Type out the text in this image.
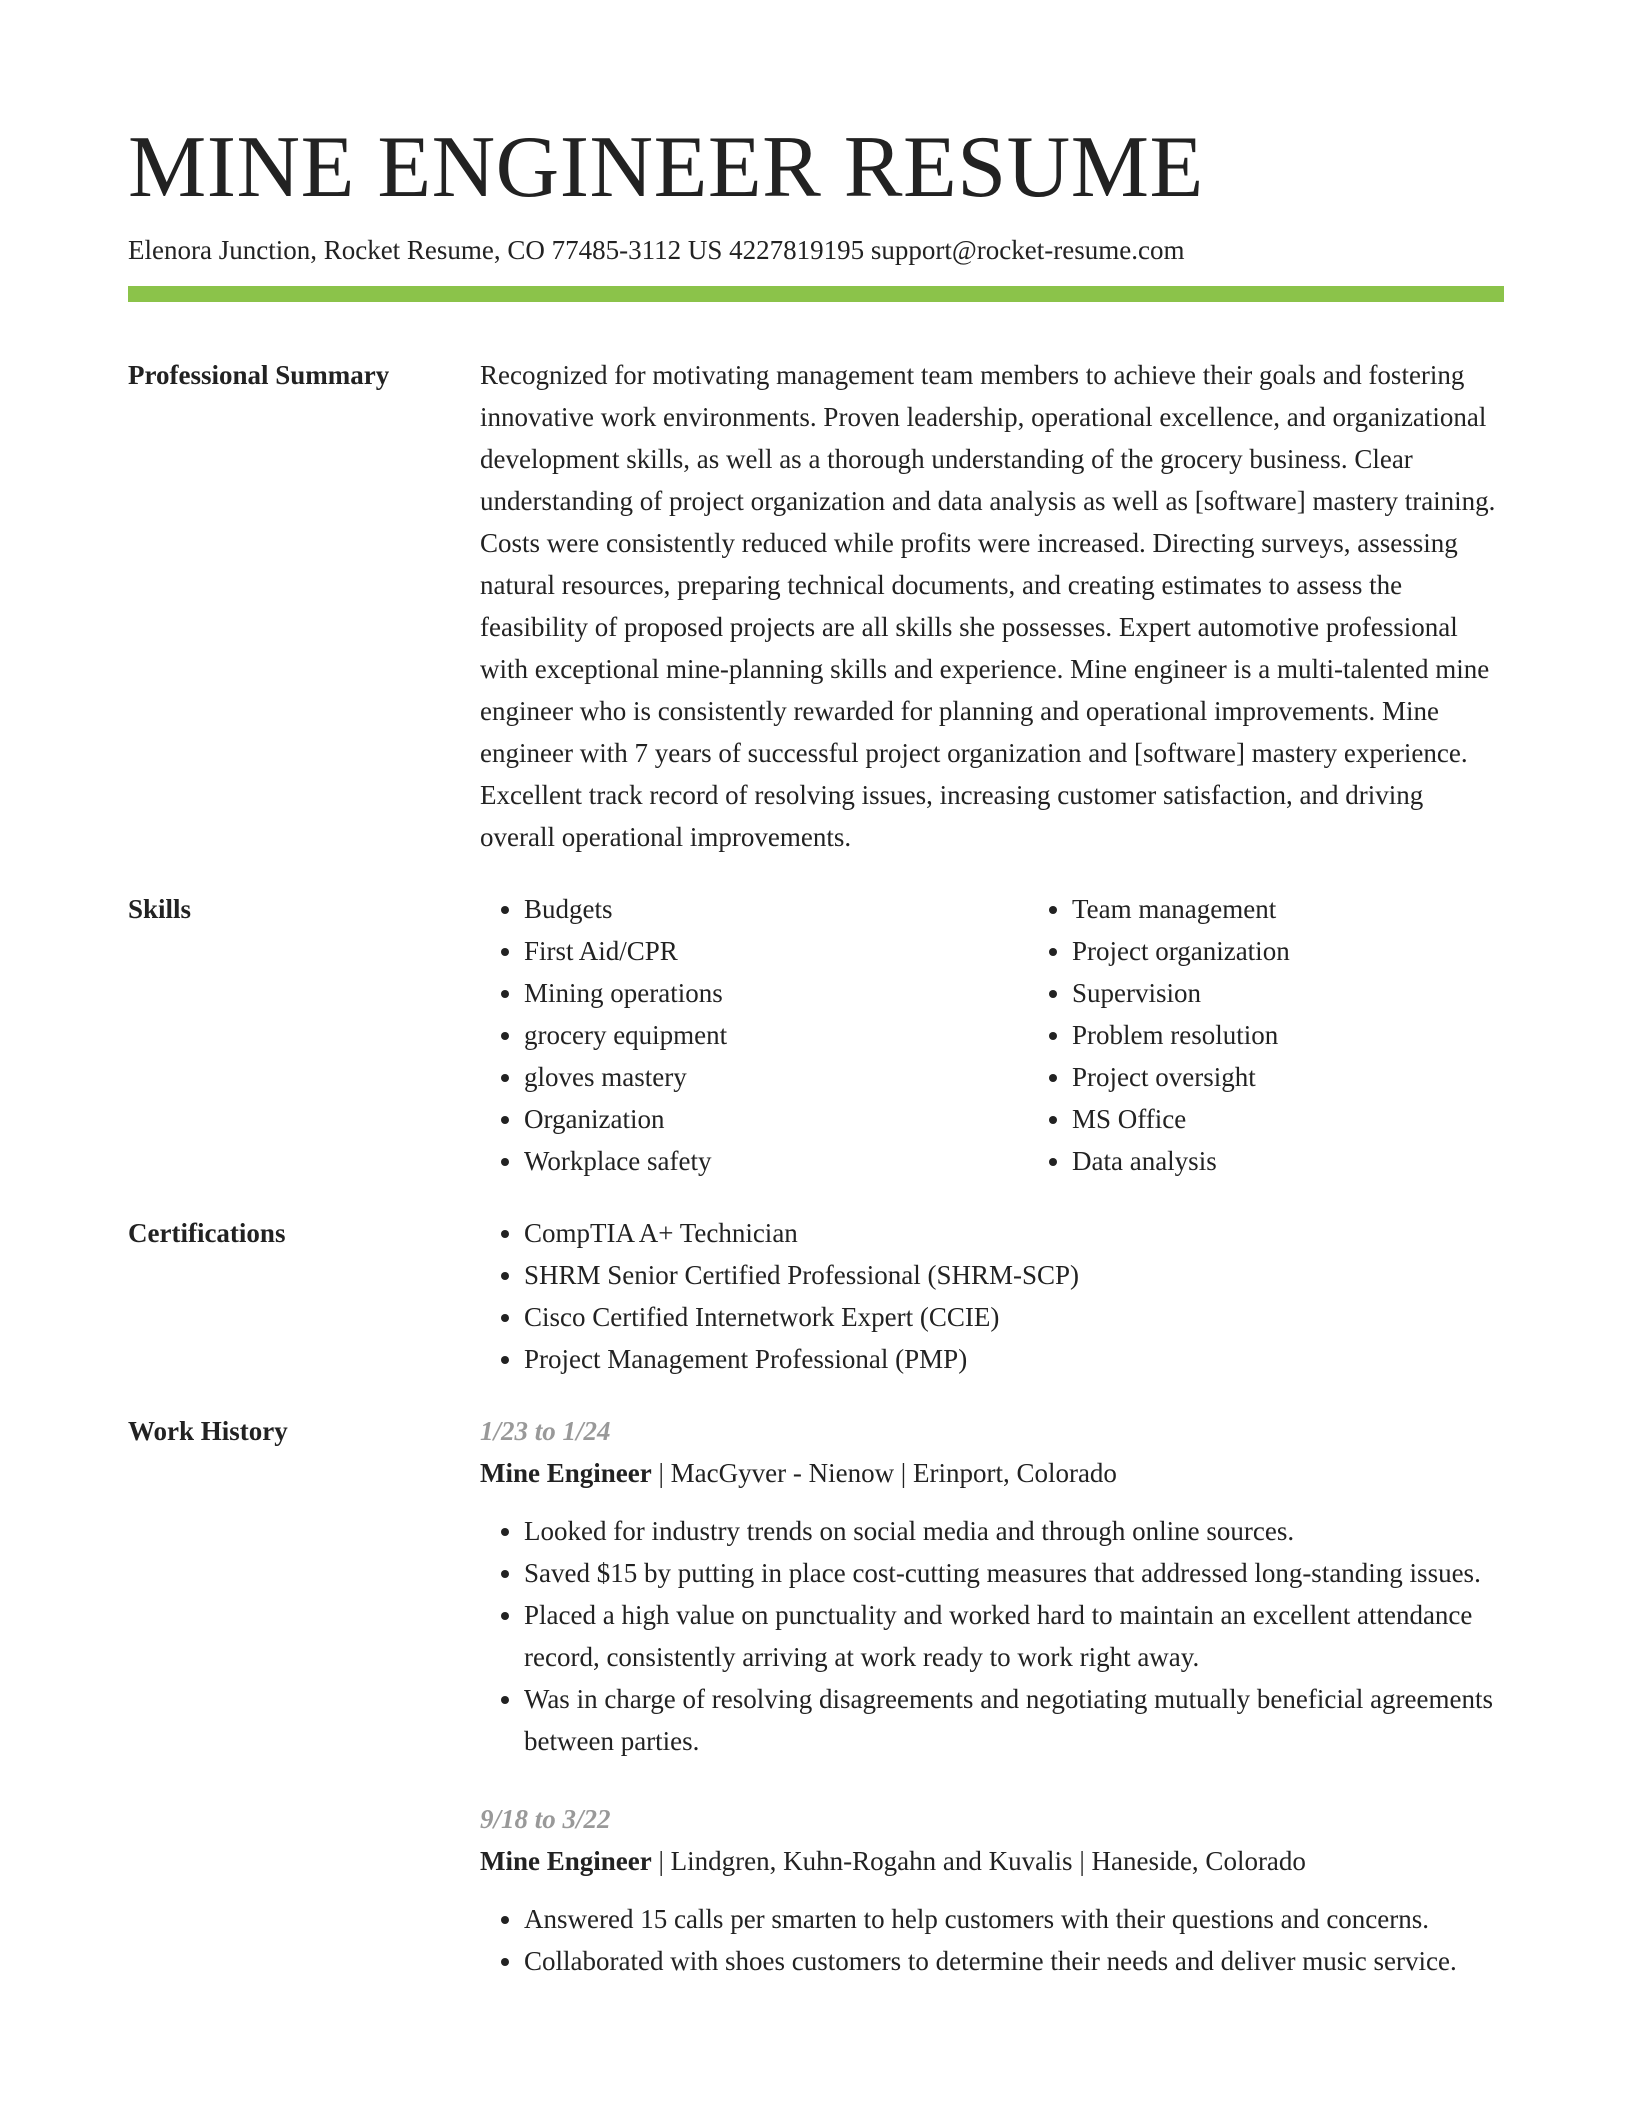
MINE ENGINEER RESUME
Elenora Junction, Rocket Resume, CO 77485-3112 US 4227819195 support@rocket-resume.com
Professional Summary	Recognized for motivating management team members to achieve their goals and fostering innovative work environments. Proven leadership, operational excellence, and organizational development skills, as well as a thorough understanding of the grocery business. Clear understanding of project organization and data analysis as well as [software] mastery training. Costs were consistently reduced while profits were increased. Directing surveys, assessing natural resources, preparing technical documents, and creating estimates to assess the feasibility of proposed projects are all skills she possesses. Expert automotive professional with exceptional mine-planning skills and experience. Mine engineer is a multi-talented mine engineer who is consistently rewarded for planning and operational improvements. Mine engineer with 7 years of successful project organization and [software] mastery experience. Excellent track record of resolving issues, increasing customer satisfaction, and driving overall operational improvements.

Skills	• Budgets
• First Aid/CPR
• Mining operations
• grocery equipment
• gloves mastery
• Organization
• Workplace safety
• Team management
• Project organization
• Supervision
• Problem resolution
• Project oversight
• MS Office
• Data analysis
Certifications	• CompTIA A+ Technician
• SHRM Senior Certified Professional (SHRM-SCP)
• Cisco Certified Internetwork Expert (CCIE)
• Project Management Professional (PMP)
Work History	1/23 to 1/24
Mine Engineer | MacGyver - Nienow | Erinport, Colorado
• Looked for industry trends on social media and through online sources.
• Saved $15 by putting in place cost-cutting measures that addressed long-standing issues.
• Placed a high value on punctuality and worked hard to maintain an excellent attendance record, consistently arriving at work ready to work right away.
• Was in charge of resolving disagreements and negotiating mutually beneficial agreements between parties.
9/18 to 3/22
Mine Engineer | Lindgren, Kuhn-Rogahn and Kuvalis | Haneside, Colorado
• Answered 15 calls per smarten to help customers with their questions and concerns.
• Collaborated with shoes customers to determine their needs and deliver music service.
